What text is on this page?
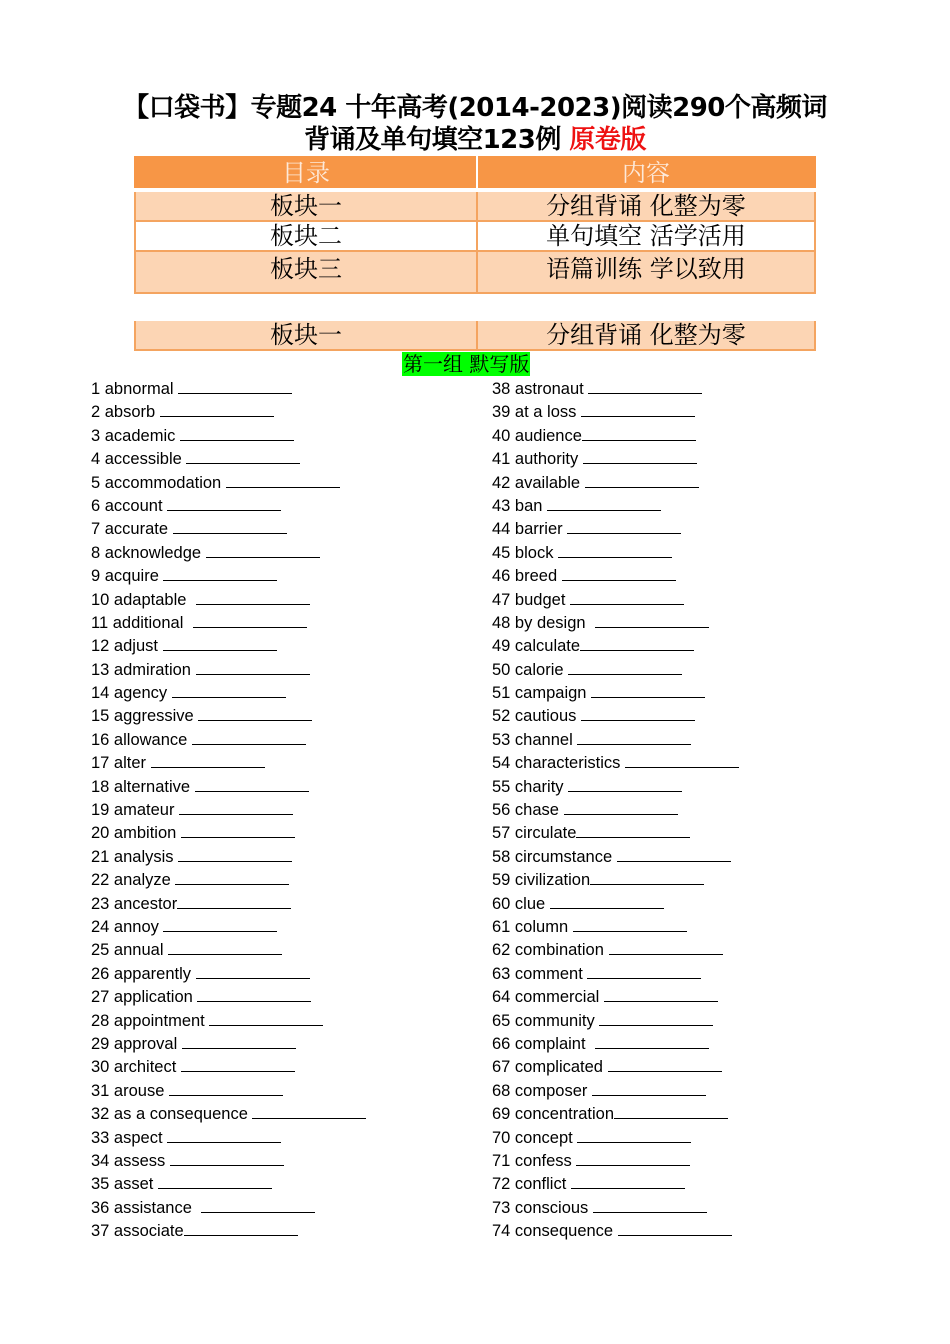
【口袋书】专题24 十年高考(2014-2023)阅读290个高频词
背诵及单句填空123例 原卷版
目录	内容
板块一	分组背诵 化整为零
板块二	单句填空 活学活用
板块三	语篇训练 学以致用
板块一	分组背诵 化整为零
第一组 默写版
1 abnormal
2 absorb
3 academic
4 accessible
5 accommodation
6 account
7 accurate
8 acknowledge
9 acquire
10 adaptable
11 additional
12 adjust
13 admiration
14 agency
15 aggressive
16 allowance
17 alter
18 alternative
19 amateur
20 ambition
21 analysis
22 analyze
23 ancestor
24 annoy
25 annual
26 apparently
27 application
28 appointment
29 approval
30 architect
31 arouse
32 as a consequence
33 aspect
34 assess
35 asset
36 assistance
37 associate
38 astronaut
39 at a loss
40 audience
41 authority
42 available
43 ban
44 barrier
45 block
46 breed
47 budget
48 by design
49 calculate
50 calorie
51 campaign
52 cautious
53 channel
54 characteristics
55 charity
56 chase
57 circulate
58 circumstance
59 civilization
60 clue
61 column
62 combination
63 comment
64 commercial
65 community
66 complaint
67 complicated
68 composer
69 concentration
70 concept
71 confess
72 conflict
73 conscious
74 consequence
